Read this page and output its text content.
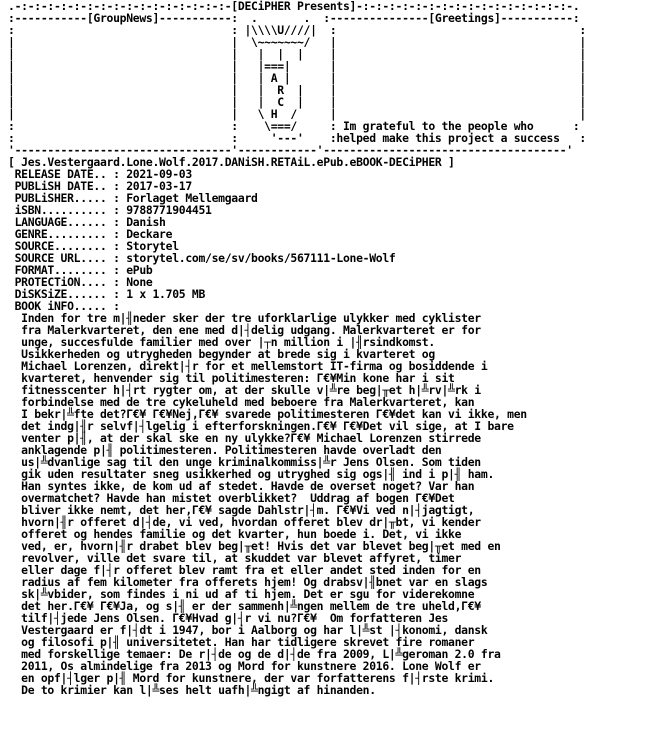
.-:-:-:-:-:-:-:-:-:-:-:-:-:-:-:-:-[DECiPHER Presents]-:-:-:-:-:-:-:-:-:-:-:-:-:-:-:-:-.
:-----------[GroupNews]-----------:  .       .  :---------------[Greetings]-----------:
:                                 : |\\\\U////|  :                                     :
|                                 |  \~~~~~~~/   |                                     |
|                                 |   |  |  |    |                                     |
|                                 |   |===|      |                                     |
|                                 |   | A |      |                                     |
|                                 |   |  R  |    |                                     |
|                                 |   |  C  |    |                                     |
|                                 |   \ H  /     |                                     |
:                                 :    \===/     : Im grateful to the people who      :
:                                 :     '---'    :helped make this project a success   :
'---------------------------------'------------'-------------------------------------'
[ Jes.Vestergaard.Lone.Wolf.2017.DANiSH.RETAiL.ePub.eBOOK-DECiPHER ]
RELEASE DATE.. : 2021-09-03
PUBLiSH DATE.. : 2017-03-17
PUBLiSHER..... : Forlaget Mellemgaard
iSBN.......... : 9788771904451
LANGUAGE...... : Danish
GENRE......... : Deckare
SOURCE........ : Storytel
SOURCE URL.... : storytel.com/se/sv/books/567111-Lone-Wolf
FORMAT........ : ePub
PROTECTiON.... : None
DiSKSiZE...... : 1 x 1.705 MB
BOOK iNFO..... :
Inden for tre m|╢neder sker der tre uforklarlige ulykker med cyklister
fra Malerkvarteret, den ene med d|┤delig udgang. Malerkvarteret er for
unge, succesfulde familier med over |┬n million i |╢rsindkomst.
Usikkerheden og utrygheden begynder at brede sig i kvarteret og
Michael Lorenzen, direkt|┤r for et mellemstort IT-firma og bosiddende i
kvarteret, henvender sig til politimesteren: Γ€¥Min kone har i sit
fitnesscenter h|┤rt rygter om, at der skulle v|╩re beg|╥et h|╩rv|╩rk i
forbindelse med de tre cykeluheld med beboere fra Malerkvarteret, kan
I bekr|╩fte det?Γ€¥ Γ€¥Nej,Γ€¥ svarede politimesteren Γ€¥det kan vi ikke, men
det indg|╢r selvf|┤lgelig i efterforskningen.Γ€¥ Γ€¥Det vil sige, at I bare
venter p|╢, at der skal ske en ny ulykke?Γ€¥ Michael Lorenzen stirrede
anklagende p|╢ politimesteren. Politimesteren havde overladt den
us|╩dvanlige sag til den unge kriminalkommiss|╩r Jens Olsen. Som tiden
gik uden resultater sneg usikkerhed og utryghed sig ogs|╢ ind i p|╢ ham.
Han syntes ikke, de kom ud af stedet. Havde de overset noget? Var han
overmatchet? Havde han mistet overblikket?  Uddrag af bogen Γ€¥Det
bliver ikke nemt, det her,Γ€¥ sagde Dahlstr|┤m. Γ€¥Vi ved n|┤jagtigt,
hvorn|╢r offeret d|┤de, vi ved, hvordan offeret blev dr|╥bt, vi kender
offeret og hendes familie og det kvarter, hun boede i. Det, vi ikke
ved, er, hvorn|╢r drabet blev beg|╥et! Hvis det var blevet beg|╥et med en
revolver, ville det svare til, at skuddet var blevet affyret, timer
eller dage f|┤r offeret blev ramt fra et eller andet sted inden for en
radius af fem kilometer fra offerets hjem! Og drabsv|╢bnet var en slags
sk|╩vbider, som findes i ni ud af ti hjem. Det er sgu for viderekomne
det her.Γ€¥ Γ€¥Ja, og s|╢ er der sammenh|╩ngen mellem de tre uheld,Γ€¥
tilf|┤jede Jens Olsen. Γ€¥Hvad g|┤r vi nu?Γ€¥  Om forfatteren Jes
Vestergaard er f|┤dt i 1947, bor i Aalborg og har l|╩st |┤konomi, dansk
og filosofi p|╢ universitetet. Han har tidligere skrevet fire romaner
med forskellige temaer: De r|┤de og de d|┤de fra 2009, L|╩geroman 2.0 fra
2011, Os almindelige fra 2013 og Mord for kunstnere 2016. Lone Wolf er
en opf|┤lger p|╢ Mord for kunstnere, der var forfatterens f|┤rste krimi.
De to krimier kan l|╩ses helt uafh|╩ngigt af hinanden.
